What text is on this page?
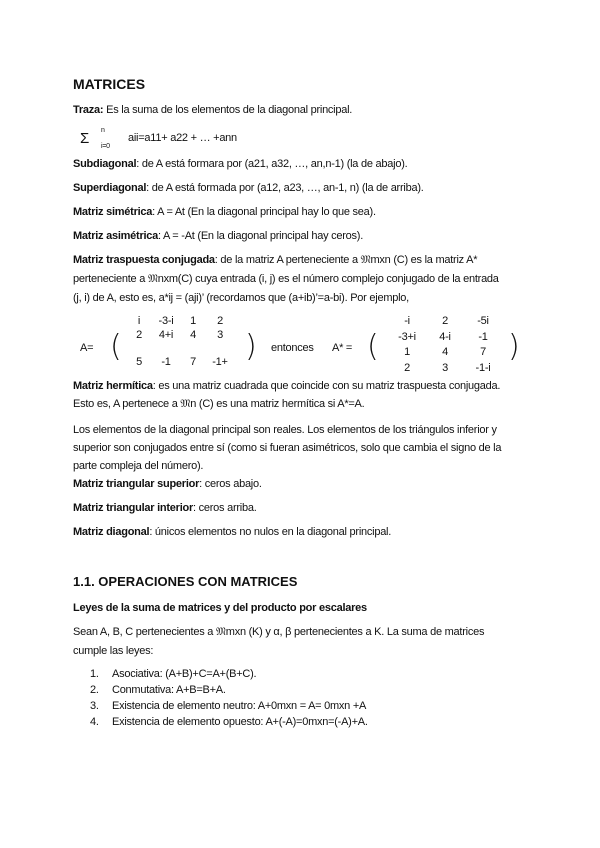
MATRICES
Traza: Es la suma de los elementos de la diagonal principal.
Σ n
i=0
aii=a11+ a22 + … +ann
Subdiagonal: de A está formara por (a21, a32, …, an,n-1) (la de abajo).
Superdiagonal: de A está formada por (a12, a23, …, an-1, n) (la de arriba).
Matriz simétrica: A = At (En la diagonal principal hay lo que sea).
Matriz asimétrica: A = -At (En la diagonal principal hay ceros).
Matriz traspuesta conjugada: de la matriz A perteneciente a 𝔐mxn (C) es la matriz A*
perteneciente a 𝔐nxm(C) cuya entrada (i, j) es el número complejo conjugado de la entrada
(j, i) de A, esto es, a*ij = (aji)’ (recordamos que (a+ib)’=a-bi). Por ejemplo,
A= (
i	-3-i	1	2
2	4+i	4	3
5	-1	7	-1+ ) entonces A* = (
-i	2	-5i
-3+i	4-i	-1
1	4	7
2	3	-1-i
)
Matriz hermítica: es una matriz cuadrada que coincide con su matriz traspuesta conjugada.
Esto es, A pertenece a 𝔐n (C) es una matriz hermítica si A*=A.
Los elementos de la diagonal principal son reales. Los elementos de los triángulos inferior y
superior son conjugados entre sí (como si fueran asimétricos, solo que cambia el signo de la
parte compleja del número).
Matriz triangular superior: ceros abajo.
Matriz triangular interior: ceros arriba.
Matriz diagonal: únicos elementos no nulos en la diagonal principal.
1.1. OPERACIONES CON MATRICES
Leyes de la suma de matrices y del producto por escalares
Sean A, B, C pertenecientes a 𝔐mxn (K) y α, β pertenecientes a K. La suma de matrices
cumple las leyes:
1. Asociativa: (A+B)+C=A+(B+C).
2. Conmutativa: A+B=B+A.
3. Existencia de elemento neutro: A+0mxn = A= 0mxn +A
4. Existencia de elemento opuesto: A+(-A)=0mxn=(-A)+A.
